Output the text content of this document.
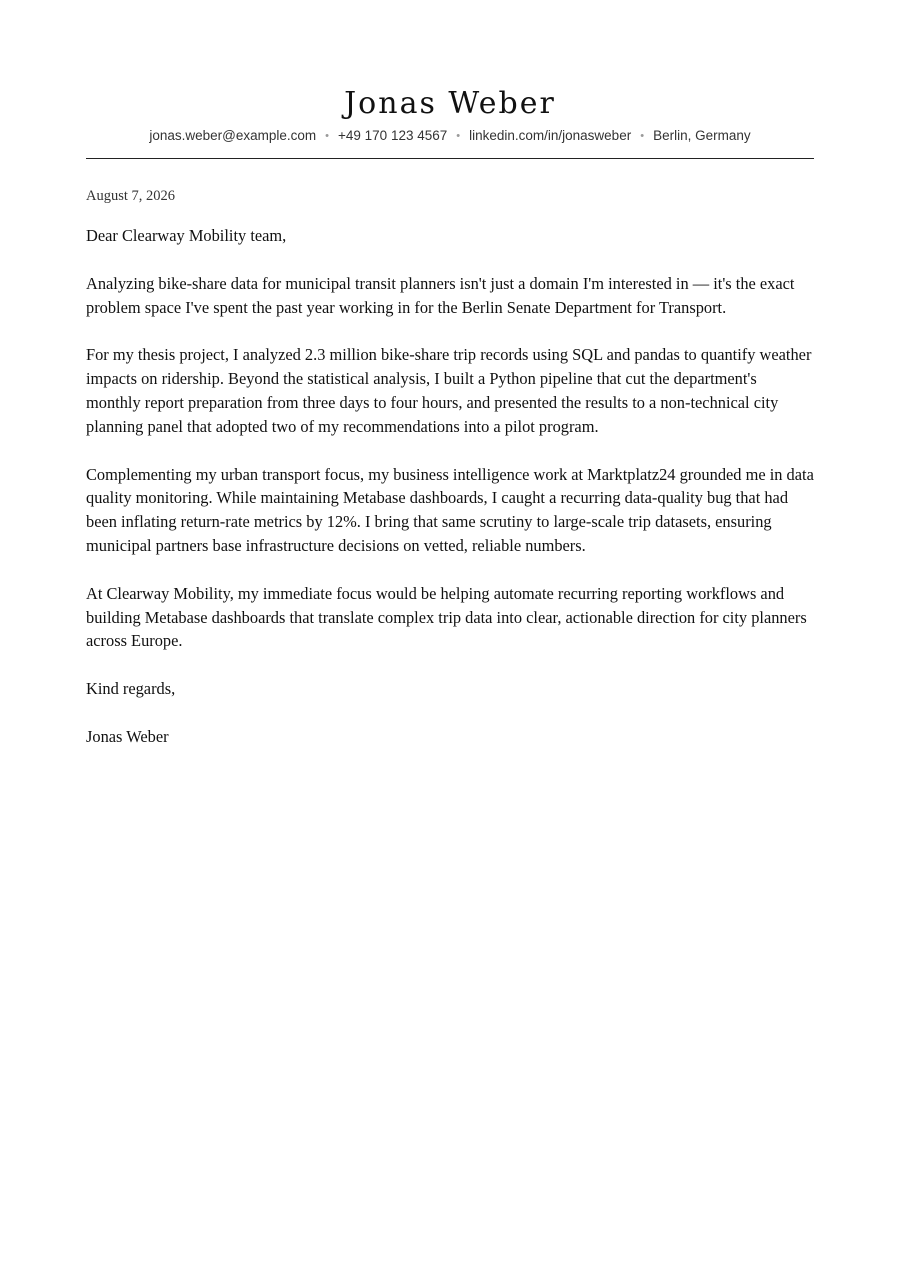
Jonas Weber
jonas.weber@example.com • +49 170 123 4567 • linkedin.com/in/jonasweber • Berlin, Germany
August 7, 2026
Dear Clearway Mobility team,
Analyzing bike-share data for municipal transit planners isn't just a domain I'm interested in — it's the exact problem space I've spent the past year working in for the Berlin Senate Department for Transport.
For my thesis project, I analyzed 2.3 million bike-share trip records using SQL and pandas to quantify weather impacts on ridership. Beyond the statistical analysis, I built a Python pipeline that cut the department's monthly report preparation from three days to four hours, and presented the results to a non-technical city planning panel that adopted two of my recommendations into a pilot program.
Complementing my urban transport focus, my business intelligence work at Marktplatz24 grounded me in data quality monitoring. While maintaining Metabase dashboards, I caught a recurring data-quality bug that had been inflating return-rate metrics by 12%. I bring that same scrutiny to large-scale trip datasets, ensuring municipal partners base infrastructure decisions on vetted, reliable numbers.
At Clearway Mobility, my immediate focus would be helping automate recurring reporting workflows and building Metabase dashboards that translate complex trip data into clear, actionable direction for city planners across Europe.
Kind regards,
Jonas Weber
